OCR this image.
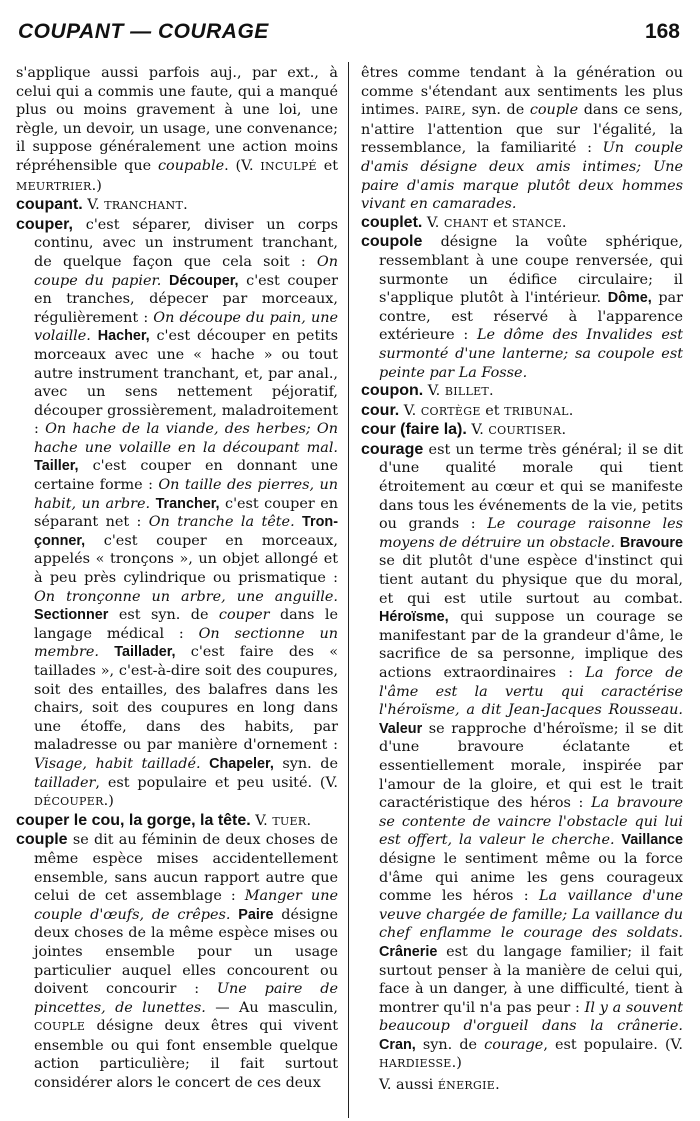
COUPANT — COURAGE	168

s'applique aussi parfois auj., par ext., à celui qui a commis une faute, qui a manqué plus ou moins gravement à une loi, une règle, un devoir, un usage, une convenance; il suppose généralement une action moins répréhensible que coupable. (V. INCULPÉ et MEURTRIER.)

coupant. V. TRANCHANT.

couper, c'est séparer, diviser un corps continu, avec un instrument tranchant, de quelque façon que cela soit : On coupe du papier. Découper, c'est couper en tranches, dépecer par morceaux, régulièrement : On découpe du pain, une volaille. Hacher, c'est découper en petits morceaux avec une « hache » ou tout autre instrument tranchant, et, par anal., avec un sens nettement péjoratif, découper grossièrement, maladroitement : On hache de la viande, des herbes; On hache une volaille en la découpant mal. Tailler, c'est couper en donnant une certaine forme : On taille des pierres, un habit, un arbre. Trancher, c'est couper en séparant net : On tranche la tête. Tronçonner, c'est couper en morceaux, appelés « tronçons », un objet allongé et à peu près cylindrique ou prismatique : On tronçonne un arbre, une anguille. Sectionner est syn. de couper dans le langage médical : On sectionne un membre. Taillader, c'est faire des « taillades », c'est-à-dire soit des coupures, soit des entailles, des balafres dans les chairs, soit des coupures en long dans une étoffe, dans des habits, par maladresse ou par manière d'ornement : Visage, habit tailladé. Chapeler, syn. de taillader, est populaire et peu usité. (V. DÉCOUPER.)

couper le cou, la gorge, la tête. V. TUER.

couple se dit au féminin de deux choses de même espèce mises accidentellement ensemble, sans aucun rapport autre que celui de cet assemblage : Manger une couple d'œufs, de crêpes. Paire désigne deux choses de la même espèce mises ou jointes ensemble pour un usage particulier auquel elles concourent ou doivent concourir : Une paire de pincettes, de lunettes. — Au masculin, COUPLE désigne deux êtres qui vivent ensemble ou qui font ensemble quelque action particulière; il fait surtout considérer alors le concert de ces deux

êtres comme tendant à la génération ou comme s'étendant aux sentiments les plus intimes. PAIRE, syn. de couple dans ce sens, n'attire l'attention que sur l'égalité, la ressemblance, la familiarité : Un couple d'amis désigne deux amis intimes; Une paire d'amis marque plutôt deux hommes vivant en camarades.

couplet. V. CHANT et STANCE.

coupole désigne la voûte sphérique, ressemblant à une coupe renversée, qui surmonte un édifice circulaire; il s'applique plutôt à l'intérieur. Dôme, par contre, est réservé à l'apparence extérieure : Le dôme des Invalides est surmonté d'une lanterne; sa coupole est peinte par La Fosse.

coupon. V. BILLET.

cour. V. CORTÈGE et TRIBUNAL.

cour (faire la). V. COURTISER.

courage est un terme très général; il se dit d'une qualité morale qui tient étroitement au cœur et qui se manifeste dans tous les événements de la vie, petits ou grands : Le courage raisonne les moyens de détruire un obstacle. Bravoure se dit plutôt d'une espèce d'instinct qui tient autant du physique que du moral, et qui est utile surtout au combat. Héroïsme, qui suppose un courage se manifestant par de la grandeur d'âme, le sacrifice de sa personne, implique des actions extraordinaires : La force de l'âme est la vertu qui caractérise l'héroïsme, a dit Jean-Jacques Rousseau. Valeur se rapproche d'héroïsme; il se dit d'une bravoure éclatante et essentiellement morale, inspirée par l'amour de la gloire, et qui est le trait caractéristique des héros : La bravoure se contente de vaincre l'obstacle qui lui est offert, la valeur le cherche. Vaillance désigne le sentiment même ou la force d'âme qui anime les gens courageux comme les héros : La vaillance d'une veuve chargée de famille; La vaillance du chef enflamme le courage des soldats. Crânerie est du langage familier; il fait surtout penser à la manière de celui qui, face à un danger, à une difficulté, tient à montrer qu'il n'a pas peur : Il y a souvent beaucoup d'orgueil dans la crânerie. Cran, syn. de courage, est populaire. (V. HARDIESSE.)

V. aussi ÉNERGIE.
